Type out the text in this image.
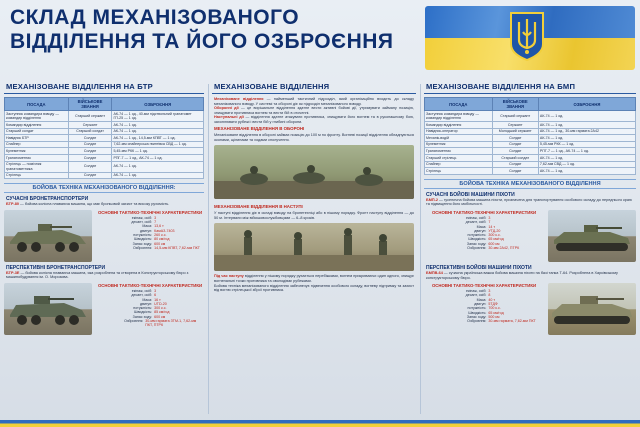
СКЛАД МЕХАНІЗОВАНОГО
ВІДДІЛЕННЯ ТА ЙОГО ОЗБРОЄННЯ
МЕХАНІЗОВАНЕ ВІДДІЛЕННЯ НА БТР
ПОСАДА	ВІЙСЬКОВЕ ЗВАННЯ	ОЗБРОЄННЯ
Заступник командира взводу — командир відділення	Старший сержант	АК-74 — 1 од., 40-мм підствольний гранатомет ГП-25 — 1 од.
Командир відділення	Сержант	АК-74 — 1 од.
Старший солдат	Старший солдат	АК-74 — 1 од.
Навідник БТР	Солдат	АК-74 — 1 од., 14,5-мм КПВТ — 1 од.
Снайпер	Солдат	7,62-мм снайперська гвинтівка СВД — 1 од.
Кулеметник	Солдат	5,45-мм РКК — 1 од.
Гранатометник	Солдат	РПГ-7 — 1 од., АК-74 — 1 од.
Стрілець — помічник гранатометника	Солдат	АК-74 — 1 од.
Стрілець	Солдат	АК-74 — 1 од.
БОЙОВА ТЕХНІКА МЕХАНІЗОВАНОГО ВІДДІЛЕННЯ:
СУЧАСНІ БРОНЕТРАНСПОРТЕРИ
БТР-80 — бойова колісна плаваюча машина, що має броньовий захист та високу рухомість.
ОСНОВНІ ТАКТИКО-ТЕХНІЧНІ ХАРАКТЕРИСТИКИ
екіпаж, осіб: 3
десант, осіб: 7
Маса: 13,6 т
двигун: КамАЗ-7403
потужність: 260 к.с.
Швидкість: 80 км/год
Запас ходу: 600 км
Озброєння: 14,5-мм КПВТ, 7,62-мм ПКТ
ПЕРСПЕКТИВНІ БРОНЕТРАНСПОРТЕРИ
БТР-3Е — бойова колісна плаваюча машина, яка розроблена та створена в Конструкторському бюро з машинобудування ім. О. Морозова.
ОСНОВНІ ТАКТИКО-ТЕХНІЧНІ ХАРАКТЕРИСТИКИ
екіпаж, осіб: 3
десант, осіб: 6
Маса: 16 т
двигун: UTD-20
потужність: 300 к.с.
Швидкість: 85 км/год
Запас ходу: 600 км
Озброєння: 30-мм гармата ЗТМ-1, 7,62-мм ПКТ, ПТРК
МЕХАНІЗОВАНЕ ВІДДІЛЕННЯ
Механізоване відділення — найменший тактичний підрозділ, який організаційно входить до складу механізованого взводу. У системі та обороні діє як підрозділ механізованого взводу.
Оборонні дії — це вирішальне відділення здатне вести активні бойові дії, утримувати займану позицію, знищувати противника вогнем та вести бій в оточенні.
Наступальні дії — відділення здатне атакувати противника, знищувати його вогнем та в рукопашному бою, захоплювати рубежі і вести бій у глибині оборони.
МЕХАНІЗОВАНЕ ВІДДІЛЕННЯ В ОБОРОНІ
Механізоване відділення в обороні займає позицію до 100 м по фронту. Вогневі позиції відділення обладнуються окопами, щілинами та ходами сполучення.
МЕХАНІЗОВАНЕ ВІДДІЛЕННЯ В НАСТУПІ
У наступі відділення діє в складі взводу на бронетехніці або в пішому порядку. Фронт наступу відділення — до 50 м. Інтервали між військовослужбовцями — 6–8 кроків.
Під час наступу відділення у пішому порядку рухається перебіжками, вогнем прикриваючи один одного, знищує вогнепальні точки противника та оволодіває рубежами.
Бойова техніка механізованого відділення забезпечує підвезення особового складу, вогневу підтримку та захист від вогню стрілецької зброї противника.
МЕХАНІЗОВАНЕ ВІДДІЛЕННЯ НА БМП
ПОСАДА	ВІЙСЬКОВЕ ЗВАННЯ	ОЗБРОЄННЯ
Заступник командира взводу — командир відділення	Старший сержант	АК-74 — 1 од.
Командир відділення	Сержант	АК-74 — 1 од.
Навідник-оператор	Молодший сержант	АК-74 — 1 од., 30-мм гармата 2А42
Механік-водій	Солдат	АК-74 — 1 од.
Кулеметник	Солдат	5,45-мм РКК — 1 од.
Гранатометник	Солдат	РПГ-7 — 1 од., АК-74 — 1 од.
Старший стрілець	Старший солдат	АК-74 — 1 од.
Снайпер	Солдат	7,62-мм СВД — 1 од.
Стрілець	Солдат	АК-74 — 1 од.
БОЙОВА ТЕХНІКА МЕХАНІЗОВАНОГО ВІДДІЛЕННЯ
СУЧАСНІ БОЙОВІ МАШИНИ ПІХОТИ
БМП-2 — гусенична бойова машина піхоти, призначена для транспортування особового складу до переднього краю та підвищення його мобільності.
ОСНОВНІ ТАКТИКО-ТЕХНІЧНІ ХАРАКТЕРИСТИКИ
екіпаж, осіб: 3
десант, осіб: 7
Маса: 14 т
двигун: УТД-20
потужність: 300 к.с.
Швидкість: 65 км/год
Запас ходу: 600 км
Озброєння: 30-мм 2А42, ПТРК
ПЕРСПЕКТИВНІ БОЙОВІ МАШИНИ ПІХОТИ
БМПВ-64 — сучасна українська важка бойова машина піхоти на базі танка Т-64. Розроблена в Харківському конструкторському бюро.
ОСНОВНІ ТАКТИКО-ТЕХНІЧНІ ХАРАКТЕРИСТИКИ
екіпаж, осіб: 3
десант, осіб: 8
Маса: 40 т
двигун: 5ТДФ
потужність: 700 к.с.
Швидкість: 65 км/год
Запас ходу: 500 км
Озброєння: 30-мм гармата, 7,62-мм ПКТ
